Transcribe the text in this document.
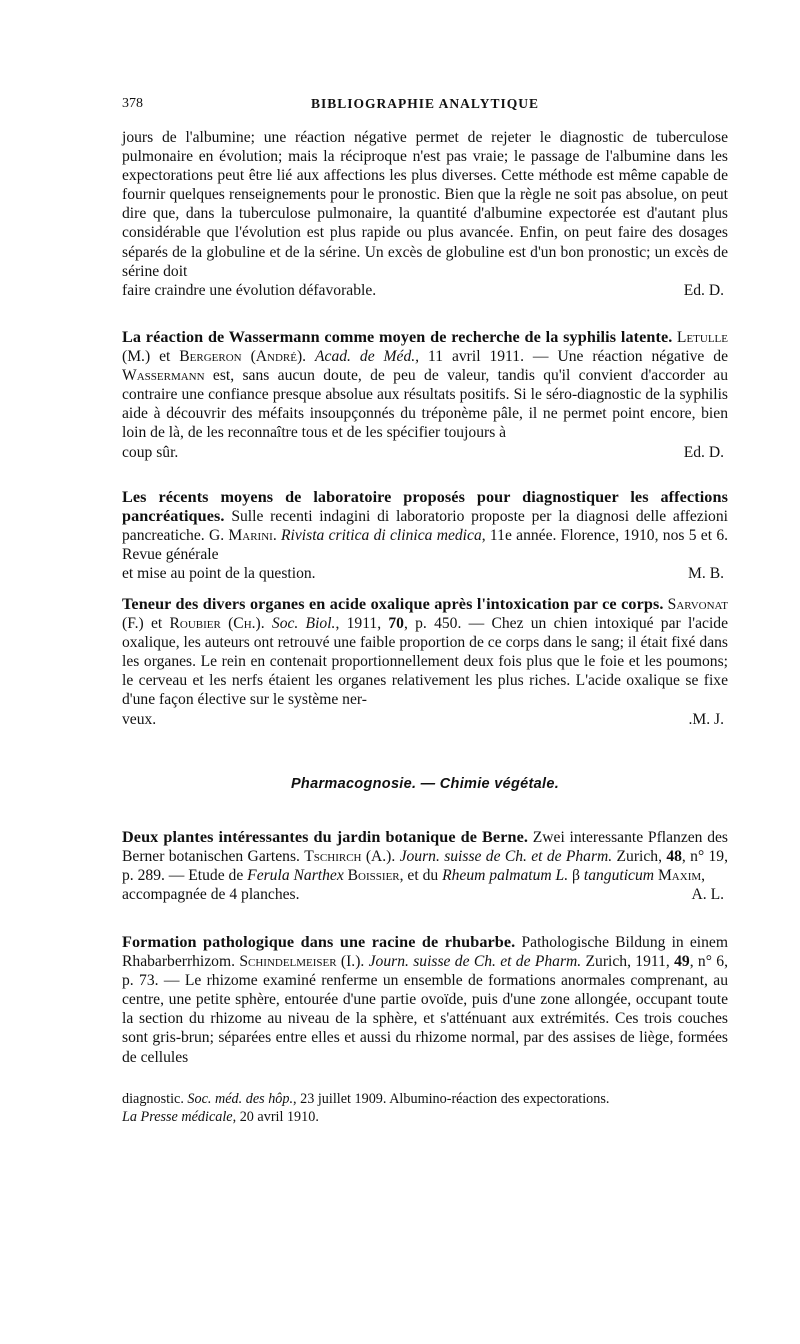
378	BIBLIOGRAPHIE ANALYTIQUE

jours de l'albumine; une réaction négative permet de rejeter le diagnostic de tuberculose pulmonaire en évolution; mais la réciproque n'est pas vraie; le passage de l'albumine dans les expectorations peut être lié aux affections les plus diverses. Cette méthode est même capable de fournir quelques renseignements pour le pronostic. Bien que la règle ne soit pas absolue, on peut dire que, dans la tuberculose pulmonaire, la quantité d'albumine expectorée est d'autant plus considérable que l'évolution est plus rapide ou plus avancée. Enfin, on peut faire des dosages séparés de la globuline et de la sérine. Un excès de globuline est d'un bon pronostic; un excès de sérine doit

faire craindre une évolution défavorable.	Ed. D.

La réaction de Wassermann comme moyen de recherche de la syphilis latente. Letulle (M.) et Bergeron (André). Acad. de Méd., 11 avril 1911. — Une réaction négative de Wassermann est, sans aucun doute, de peu de valeur, tandis qu'il convient d'accorder au contraire une confiance presque absolue aux résultats positifs. Si le séro-diagnostic de la syphilis aide à découvrir des méfaits insoupçonnés du tréponème pâle, il ne permet point encore, bien loin de là, de les reconnaître tous et de les spécifier toujours à

coup sûr.	Ed. D.

Les récents moyens de laboratoire proposés pour diagnostiquer les affections pancréatiques. Sulle recenti indagini di laboratorio proposte per la diagnosi delle affezioni pancreatiche. G. Marini. Rivista critica di clinica medica, 11e année. Florence, 1910, nos 5 et 6. Revue générale

et mise au point de la question.	M. B.

Teneur des divers organes en acide oxalique après l'intoxication par ce corps. Sarvonat (F.) et Roubier (Ch.). Soc. Biol., 1911, 70, p. 450. — Chez un chien intoxiqué par l'acide oxalique, les auteurs ont retrouvé une faible proportion de ce corps dans le sang; il était fixé dans les organes. Le rein en contenait proportionnellement deux fois plus que le foie et les poumons; le cerveau et les nerfs étaient les organes relativement les plus riches. L'acide oxalique se fixe d'une façon élective sur le système ner-

veux.	.M. J.
Pharmacognosie. — Chimie végétale.

Deux plantes intéressantes du jardin botanique de Berne. Zwei interessante Pflanzen des Berner botanischen Gartens. Tschirch (A.). Journ. suisse de Ch. et de Pharm. Zurich, 48, n° 19, p. 289. — Etude de Ferula Narthex Boissier, et du Rheum palmatum L. β tanguticum Maxim,

accompagnée de 4 planches.	A. L.

Formation pathologique dans une racine de rhubarbe. Pathologische Bildung in einem Rhabarberrhizom. Schindelmeiser (I.). Journ. suisse de Ch. et de Pharm. Zurich, 1911, 49, n° 6, p. 73. — Le rhizome examiné renferme un ensemble de formations anormales comprenant, au centre, une petite sphère, entourée d'une partie ovoïde, puis d'une zone allongée, occupant toute la section du rhizome au niveau de la sphère, et s'atténuant aux extrémités. Ces trois couches sont gris-brun; séparées entre elles et aussi du rhizome normal, par des assises de liège, formées de cellules

diagnostic. Soc. méd. des hôp., 23 juillet 1909. Albumino-réaction des expectorations.

La Presse médicale, 20 avril 1910.
